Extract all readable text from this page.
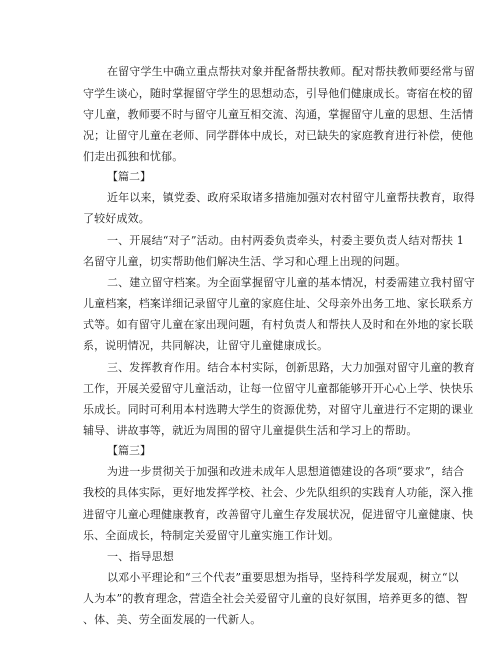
在留守学生中确立重点帮扶对象并配备帮扶教师。配对帮扶教师要经常与留
守学生谈心，随时掌握留守学生的思想动态，引导他们健康成长。寄宿在校的留
守儿童，教师要不时与留守儿童互相交流、沟通，掌握留守儿童的思想、生活情
况；让留守儿童在老师、同学群体中成长，对已缺失的家庭教育进行补偿，使他
们走出孤独和忧郁。
【篇二】
近年以来，镇党委、政府采取诸多措施加强对农村留守儿童帮扶教育，取得
了较好成效。
一、开展结“对子”活动。由村两委负责牵头，村委主要负责人结对帮扶 1
名留守儿童，切实帮助他们解决生活、学习和心理上出现的问题。
二、建立留守档案。为全面掌握留守儿童的基本情况，村委需建立我村留守
儿童档案，档案详细记录留守儿童的家庭住址、父母亲外出务工地、家长联系方
式等。如有留守儿童在家出现问题，有村负责人和帮扶人及时和在外地的家长联
系，说明情况，共同解决，让留守儿童健康成长。
三、发挥教育作用。结合本村实际，创新思路，大力加强对留守儿童的教育
工作，开展关爱留守儿童活动，让每一位留守儿童都能够开开心心上学、快快乐
乐成长。同时可利用本村选聘大学生的资源优势，对留守儿童进行不定期的课业
辅导、讲故事等，就近为周围的留守儿童提供生活和学习上的帮助。
【篇三】
为进一步贯彻关于加强和改进未成年人思想道德建设的各项“要求”，结合
我校的具体实际，更好地发挥学校、社会、少先队组织的实践育人功能，深入推
进留守儿童心理健康教育，改善留守儿童生存发展状况，促进留守儿童健康、快
乐、全面成长，特制定关爱留守儿童实施工作计划。
一、指导思想
以邓小平理论和“三个代表”重要思想为指导，坚持科学发展观，树立“以
人为本”的教育理念，营造全社会关爱留守儿童的良好氛围，培养更多的德、智
、体、美、劳全面发展的一代新人。
